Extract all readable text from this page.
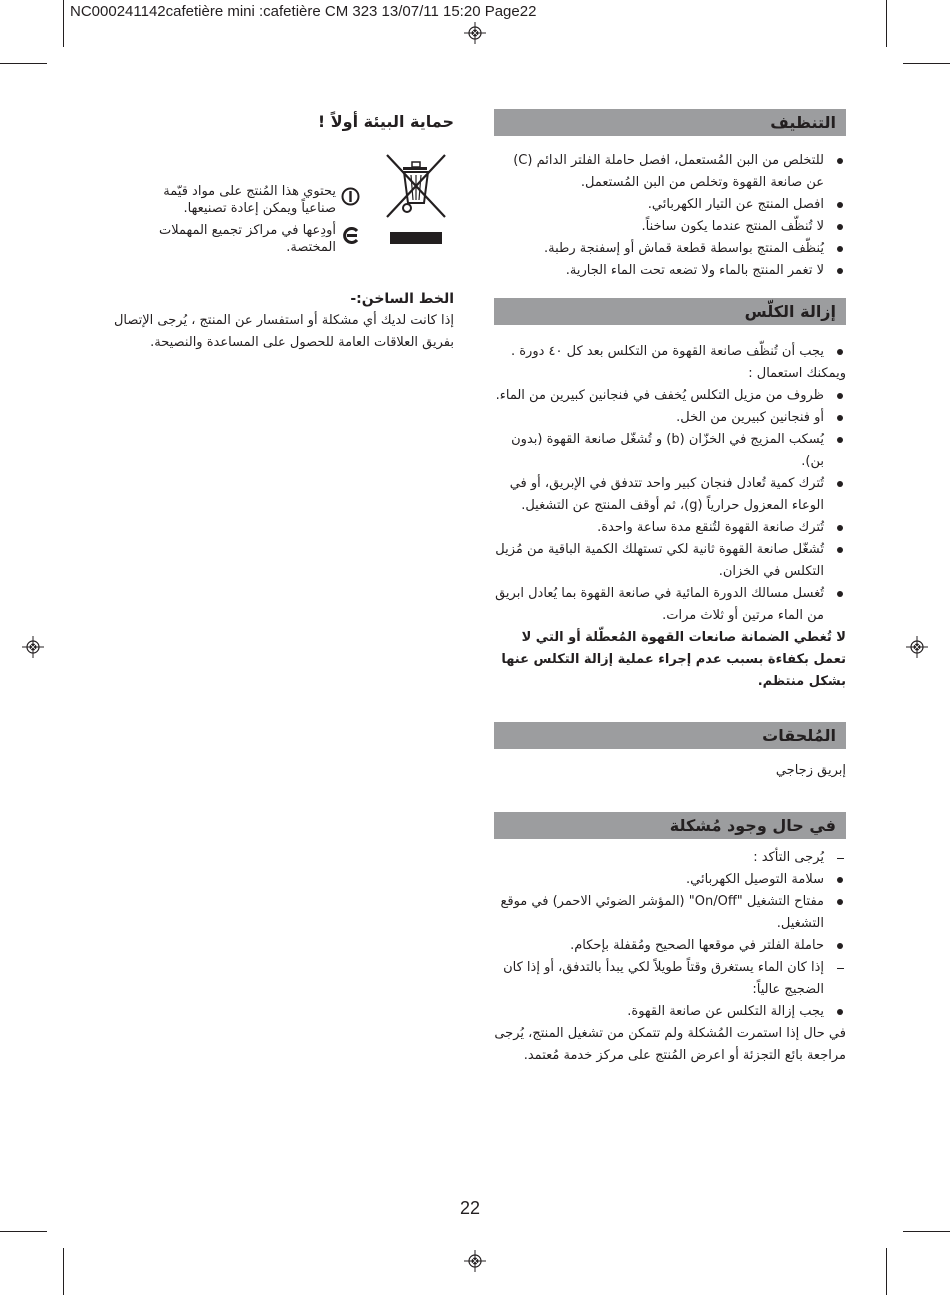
NC000241142cafetière mini :cafetière CM 323 13/07/11 15:20 Page22
حماية البيئة أولاً !
يحتوي هذا المُنتج على مواد قيّمة صناعياً ويمكن إعادة تصنيعها.
أودِعها في مراكز تجميع المهملات المختصة.

الخط الساخن:-

إذا كانت لديك أي مشكلة أو استفسار عن المنتج ، يُرجى الإتصال بفريق العلاقات العامة للحصول على المساعدة والنصيحة.

التنظيف
للتخلص من البن المُستعمل، افصل حاملة الفلتر الدائم (C) عن صانعة القهوة وتخلص من البن المُستعمل.
افصل المنتج عن التيار الكهربائي.
لا تُنظّف المنتج عندما يكون ساخناً.
يُنظّف المنتج بواسطة قطعة قماش أو إسفنجة رطبة.
لا تغمر المنتج بالماء ولا تضعه تحت الماء الجارية.
إزالة الكلّس
يجب أن تُنظّف صانعة القهوة من التكلس بعد كل ٤٠ دورة .

ويمكنك استعمال :

ظروف من مزيل التكلس يُخفف في فنجانين كبيرين من الماء.
أو فنجانين كبيرين من الخل.
يُسكب المزيج في الخزّان (b) و تُشغّل صانعة القهوة (بدون بن).
تُترك كمية تُعادل فنجان كبير واحد تتدفق في الإبريق، أو في الوعاء المعزول حرارياً (g)، ثم أوقف المنتج عن التشغيل.
تُترك صانعة القهوة لتُنقع مدة ساعة واحدة.
تُشغّل صانعة القهوة ثانية لكي تستهلك الكمية الباقية من مُزيل التكلس في الخزان.
تُغسل مسالك الدورة المائية في صانعة القهوة بما يُعادل ابريق من الماء مرتين أو ثلاث مرات.

لا تُغطي الضمانة صانعات القهوة المُعطّلة أو التي لا تعمل بكفاءة بسبب عدم إجراء عملية إزالة التكلس عنها بشكل منتظم.

المُلحقات

إبريق زجاجي

في حال وجود مُشكلة
يُرجى التأكد :
سلامة التوصيل الكهربائي.
مفتاح التشغيل "On/Off" (المؤشر الضوئي الاحمر) في موقع التشغيل.
حاملة الفلتر في موقعها الصحيح ومُقفلة بإحكام.
إذا كان الماء يستغرق وقتاً طويلاً لكي يبدأ بالتدفق، أو إذا كان الضجيج عالياً:
يجب إزالة التكلس عن صانعة القهوة.

في حال إذا استمرت المُشكلة ولم تتمكن من تشغيل المنتج، يُرجى مراجعة بائع التجزئة أو اعرض المُنتج على مركز خدمة مُعتمد.

22
